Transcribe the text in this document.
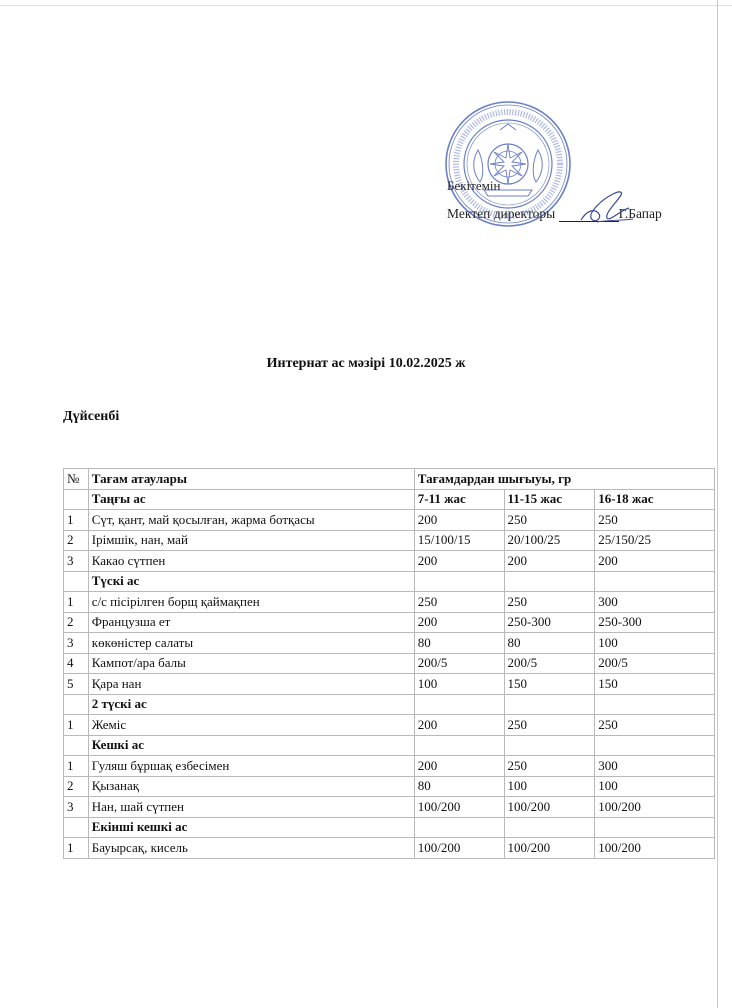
Бекітемін
Мектеп директоры	Г.Бапар
Интернат ас мәзірі 10.02.2025 ж
Дүйсенбі
№	Тағам атаулары	Тағамдардан шығыуы, гр		
	Таңғы ас	7-11 жас	11-15 жас	16-18 жас
1	Сүт, қант, май қосылған, жарма ботқасы	200	250	250
2	Ірімшік, нан, май	15/100/15	20/100/25	25/150/25
3	Какао сүтпен	200	200	200
	Түскі ас			
1	с/с пісірілген борщ қаймақпен	250	250	300
2	Французша ет	200	250-300	250-300
3	көкөністер салаты	80	80	100
4	Кампот/ара балы	200/5	200/5	200/5
5	Қара нан	100	150	150
	2 түскі ас			
1	Жеміс	200	250	250
	Кешкі ас			
1	Гуляш бұршақ езбесімен	200	250	300
2	Қызанақ	80	100	100
3	Нан, шай сүтпен	100/200	100/200	100/200
	Екінші кешкі ас			
1	Бауырсақ, кисель	100/200	100/200	100/200
